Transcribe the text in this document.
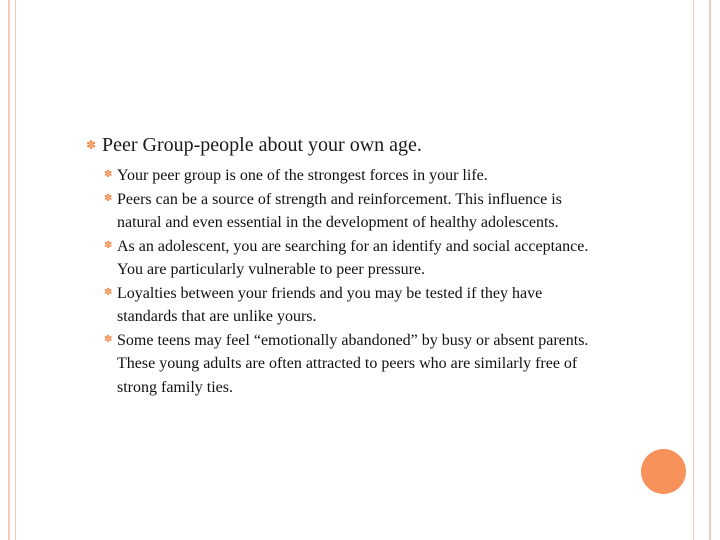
✽ Peer Group-people about your own age.
✽ Your peer group is one of the strongest forces in your life.
✽ Peers can be a source of strength and reinforcement. This influence is natural and even essential in the development of healthy adolescents.
✽ As an adolescent, you are searching for an identify and social acceptance. You are particularly vulnerable to peer pressure.
✽ Loyalties between your friends and you may be tested if they have standards that are unlike yours.
✽ Some teens may feel “emotionally abandoned” by busy or absent parents. These young adults are often attracted to peers who are similarly free of strong family ties.
